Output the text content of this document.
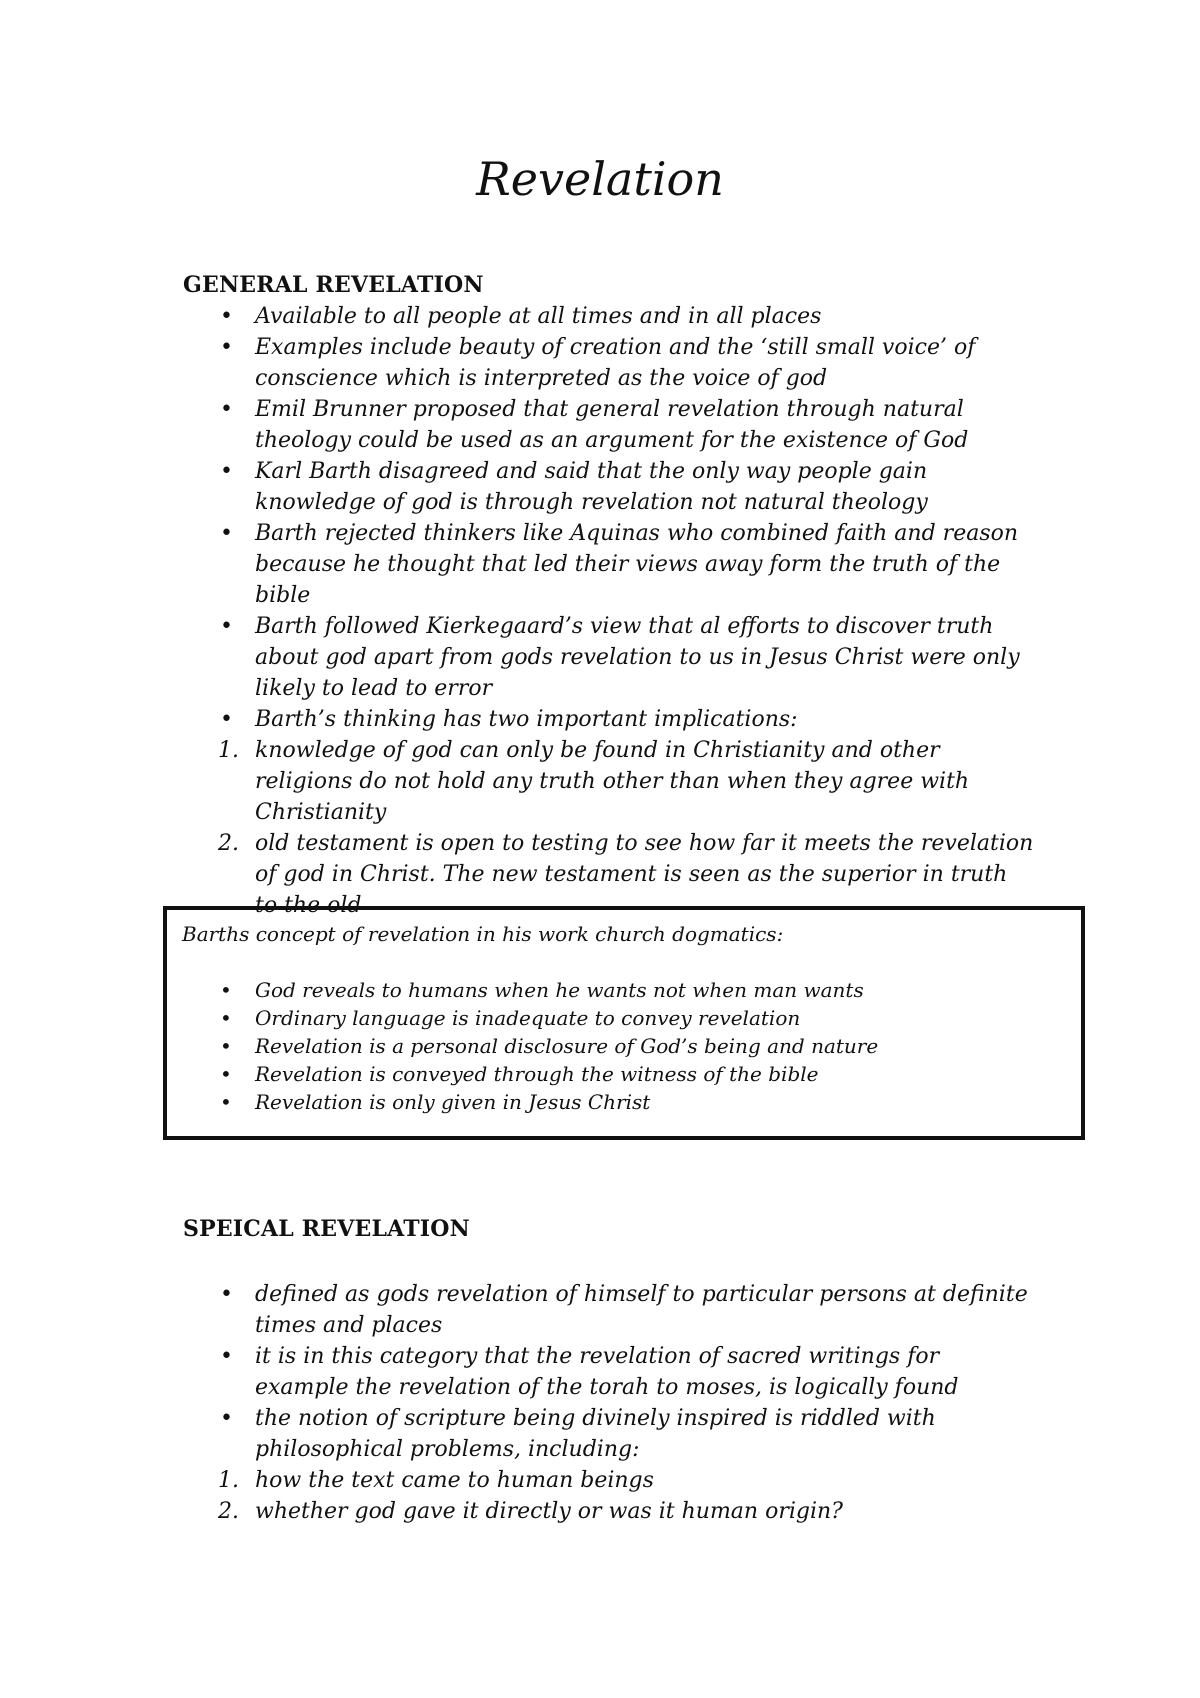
Revelation
GENERAL REVELATION
• Available to all people at all times and in all places
• Examples include beauty of creation and the ‘still small voice’ of conscience which is interpreted as the voice of god
• Emil Brunner proposed that general revelation through natural theology could be used as an argument for the existence of God
• Karl Barth disagreed and said that the only way people gain knowledge of god is through revelation not natural theology
• Barth rejected thinkers like Aquinas who combined faith and reason because he thought that led their views away form the truth of the bible
• Barth followed Kierkegaard’s view that al efforts to discover truth about god apart from gods revelation to us in Jesus Christ were only likely to lead to error
• Barth’s thinking has two important implications:
1. knowledge of god can only be found in Christianity and other religions do not hold any truth other than when they agree with Christianity
2. old testament is open to testing to see how far it meets the revelation of god in Christ. The new testament is seen as the superior in truth to the old

Barths concept of revelation in his work church dogmatics:

• God reveals to humans when he wants not when man wants
• Ordinary language is inadequate to convey revelation
• Revelation is a personal disclosure of God’s being and nature
• Revelation is conveyed through the witness of the bible
• Revelation is only given in Jesus Christ
SPEICAL REVELATION
• defined as gods revelation of himself to particular persons at definite times and places
• it is in this category that the revelation of sacred writings for example the revelation of the torah to moses, is logically found
• the notion of scripture being divinely inspired is riddled with philosophical problems, including:
1. how the text came to human beings
2. whether god gave it directly or was it human origin?
